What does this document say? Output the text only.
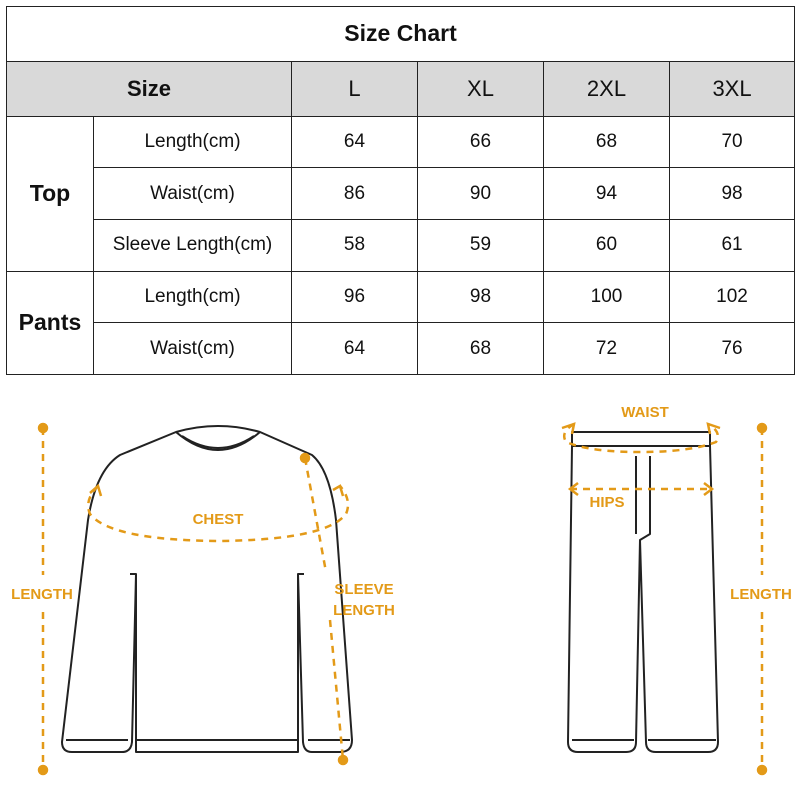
Size Chart					
Size		L	XL	2XL	3XL
Top	Length(cm)	64	66	68	70
	Waist(cm)	86	90	94	98
	Sleeve Length(cm)	58	59	60	61
Pants	Length(cm)	96	98	100	102
	Waist(cm)	64	68	72	76
LENGTH
CHEST
SLEEVE
LENGTH
WAIST
HIPS
LENGTH
